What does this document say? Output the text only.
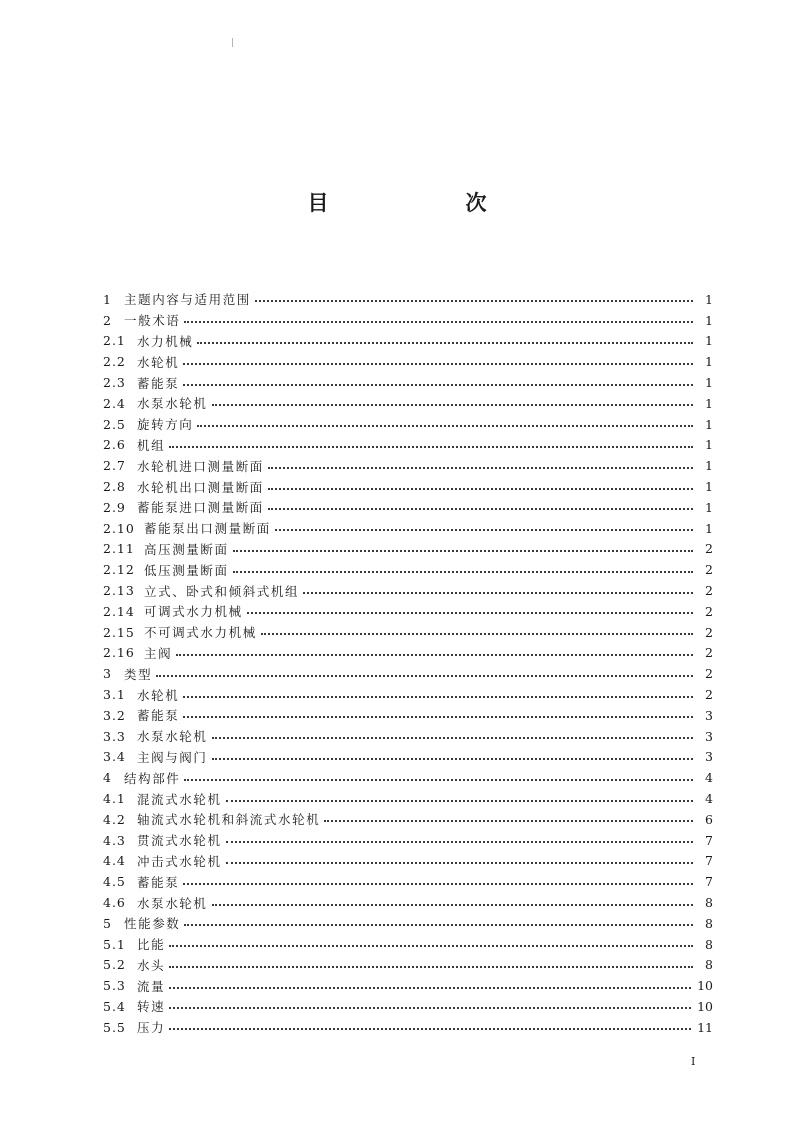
目　次
1 主题内容与适用范围	1
2 一般术语	1
2.1 水力机械	1
2.2 水轮机	1
2.3 蓄能泵	1
2.4 水泵水轮机	1
2.5 旋转方向	1
2.6 机组	1
2.7 水轮机进口测量断面	1
2.8 水轮机出口测量断面	1
2.9 蓄能泵进口测量断面	1
2.10 蓄能泵出口测量断面	1
2.11 高压测量断面	2
2.12 低压测量断面	2
2.13 立式、卧式和倾斜式机组	2
2.14 可调式水力机械	2
2.15 不可调式水力机械	2
2.16 主阀	2
3 类型	2
3.1 水轮机	2
3.2 蓄能泵	3
3.3 水泵水轮机	3
3.4 主阀与阀门	3
4 结构部件	4
4.1 混流式水轮机	4
4.2 轴流式水轮机和斜流式水轮机	6
4.3 贯流式水轮机	7
4.4 冲击式水轮机	7
4.5 蓄能泵	7
4.6 水泵水轮机	8
5 性能参数	8
5.1 比能	8
5.2 水头	8
5.3 流量	10
5.4 转速	10
5.5 压力	11
I
